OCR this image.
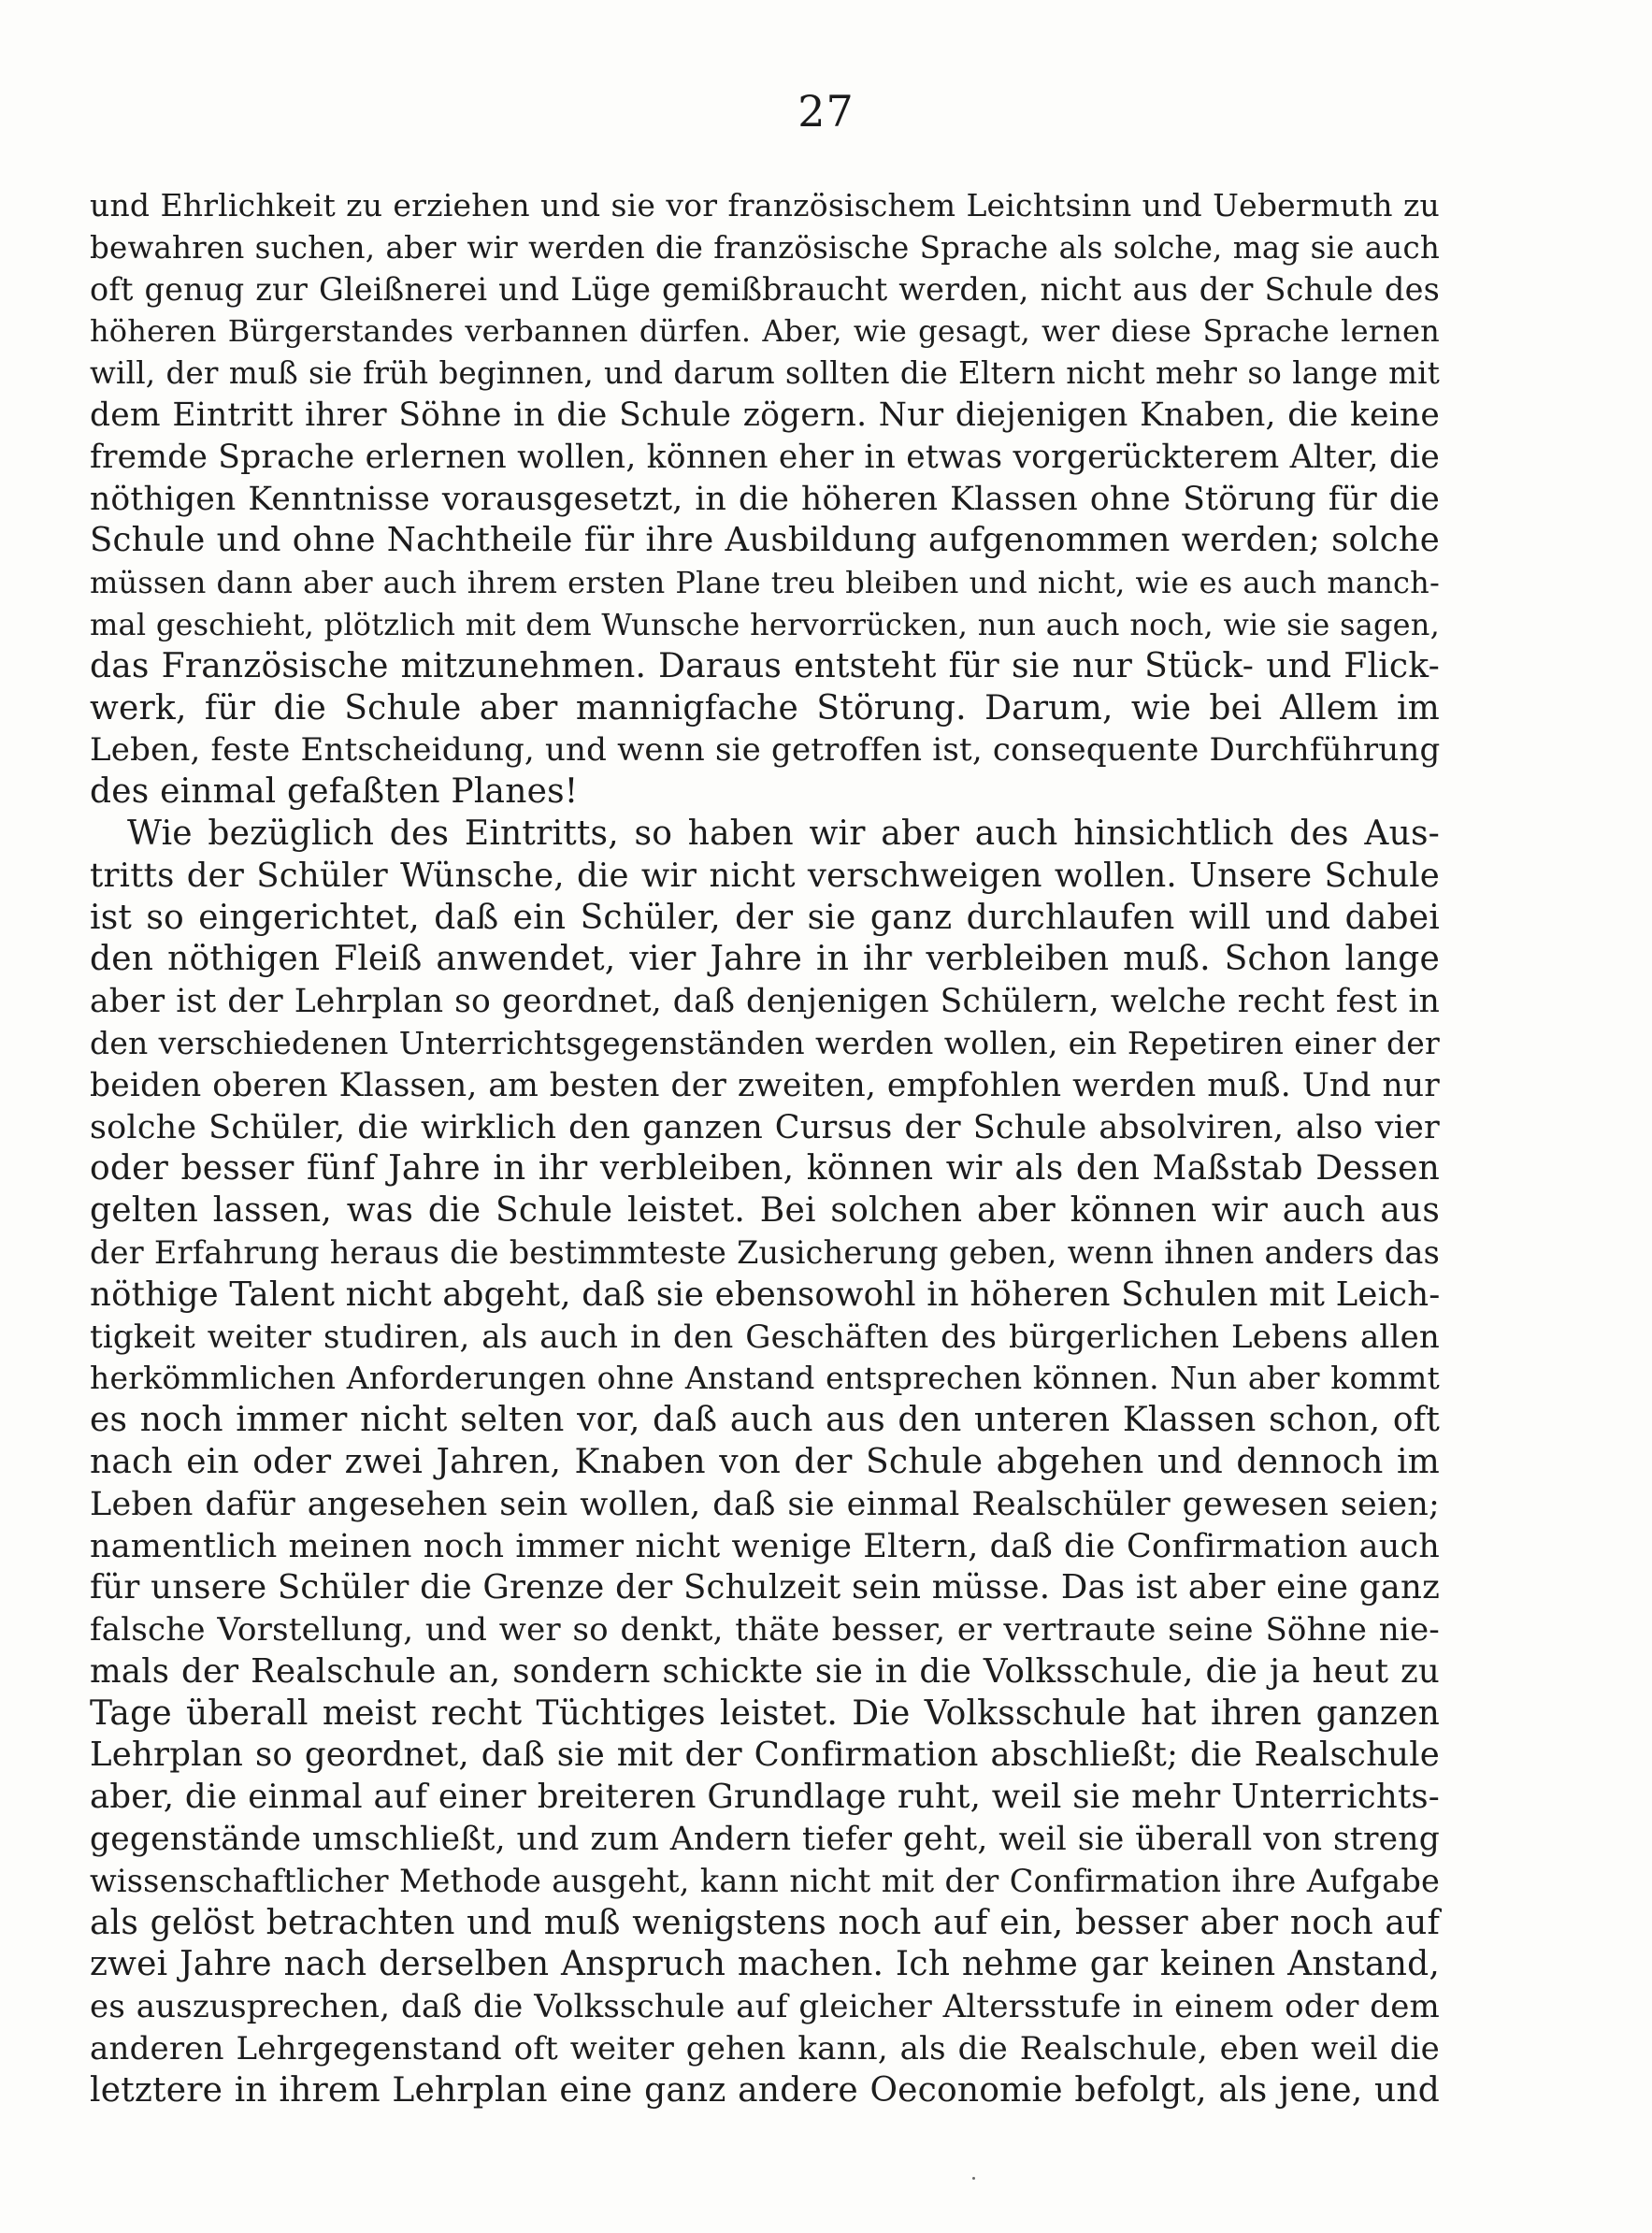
27
und Ehrlichkeit zu erziehen und sie vor französischem Leichtsinn und Uebermuth zu
bewahren suchen, aber wir werden die französische Sprache als solche, mag sie auch
oft genug zur Gleißnerei und Lüge gemißbraucht werden, nicht aus der Schule des
höheren Bürgerstandes verbannen dürfen. Aber, wie gesagt, wer diese Sprache lernen
will, der muß sie früh beginnen, und darum sollten die Eltern nicht mehr so lange mit
dem Eintritt ihrer Söhne in die Schule zögern. Nur diejenigen Knaben, die keine
fremde Sprache erlernen wollen, können eher in etwas vorgerückterem Alter, die
nöthigen Kenntnisse vorausgesetzt, in die höheren Klassen ohne Störung für die
Schule und ohne Nachtheile für ihre Ausbildung aufgenommen werden; solche
müssen dann aber auch ihrem ersten Plane treu bleiben und nicht, wie es auch manch-
mal geschieht, plötzlich mit dem Wunsche hervorrücken, nun auch noch, wie sie sagen,
das Französische mitzunehmen. Daraus entsteht für sie nur Stück- und Flick-
werk, für die Schule aber mannigfache Störung. Darum, wie bei Allem im
Leben, feste Entscheidung, und wenn sie getroffen ist, consequente Durchführung
des einmal gefaßten Planes!
Wie bezüglich des Eintritts, so haben wir aber auch hinsichtlich des Aus-
tritts der Schüler Wünsche, die wir nicht verschweigen wollen. Unsere Schule
ist so eingerichtet, daß ein Schüler, der sie ganz durchlaufen will und dabei
den nöthigen Fleiß anwendet, vier Jahre in ihr verbleiben muß. Schon lange
aber ist der Lehrplan so geordnet, daß denjenigen Schülern, welche recht fest in
den verschiedenen Unterrichtsgegenständen werden wollen, ein Repetiren einer der
beiden oberen Klassen, am besten der zweiten, empfohlen werden muß. Und nur
solche Schüler, die wirklich den ganzen Cursus der Schule absolviren, also vier
oder besser fünf Jahre in ihr verbleiben, können wir als den Maßstab Dessen
gelten lassen, was die Schule leistet. Bei solchen aber können wir auch aus
der Erfahrung heraus die bestimmteste Zusicherung geben, wenn ihnen anders das
nöthige Talent nicht abgeht, daß sie ebensowohl in höheren Schulen mit Leich-
tigkeit weiter studiren, als auch in den Geschäften des bürgerlichen Lebens allen
herkömmlichen Anforderungen ohne Anstand entsprechen können. Nun aber kommt
es noch immer nicht selten vor, daß auch aus den unteren Klassen schon, oft
nach ein oder zwei Jahren, Knaben von der Schule abgehen und dennoch im
Leben dafür angesehen sein wollen, daß sie einmal Realschüler gewesen seien;
namentlich meinen noch immer nicht wenige Eltern, daß die Confirmation auch
für unsere Schüler die Grenze der Schulzeit sein müsse. Das ist aber eine ganz
falsche Vorstellung, und wer so denkt, thäte besser, er vertraute seine Söhne nie-
mals der Realschule an, sondern schickte sie in die Volksschule, die ja heut zu
Tage überall meist recht Tüchtiges leistet. Die Volksschule hat ihren ganzen
Lehrplan so geordnet, daß sie mit der Confirmation abschließt; die Realschule
aber, die einmal auf einer breiteren Grundlage ruht, weil sie mehr Unterrichts-
gegenstände umschließt, und zum Andern tiefer geht, weil sie überall von streng
wissenschaftlicher Methode ausgeht, kann nicht mit der Confirmation ihre Aufgabe
als gelöst betrachten und muß wenigstens noch auf ein, besser aber noch auf
zwei Jahre nach derselben Anspruch machen. Ich nehme gar keinen Anstand,
es auszusprechen, daß die Volksschule auf gleicher Altersstufe in einem oder dem
anderen Lehrgegenstand oft weiter gehen kann, als die Realschule, eben weil die
letztere in ihrem Lehrplan eine ganz andere Oeconomie befolgt, als jene, und
